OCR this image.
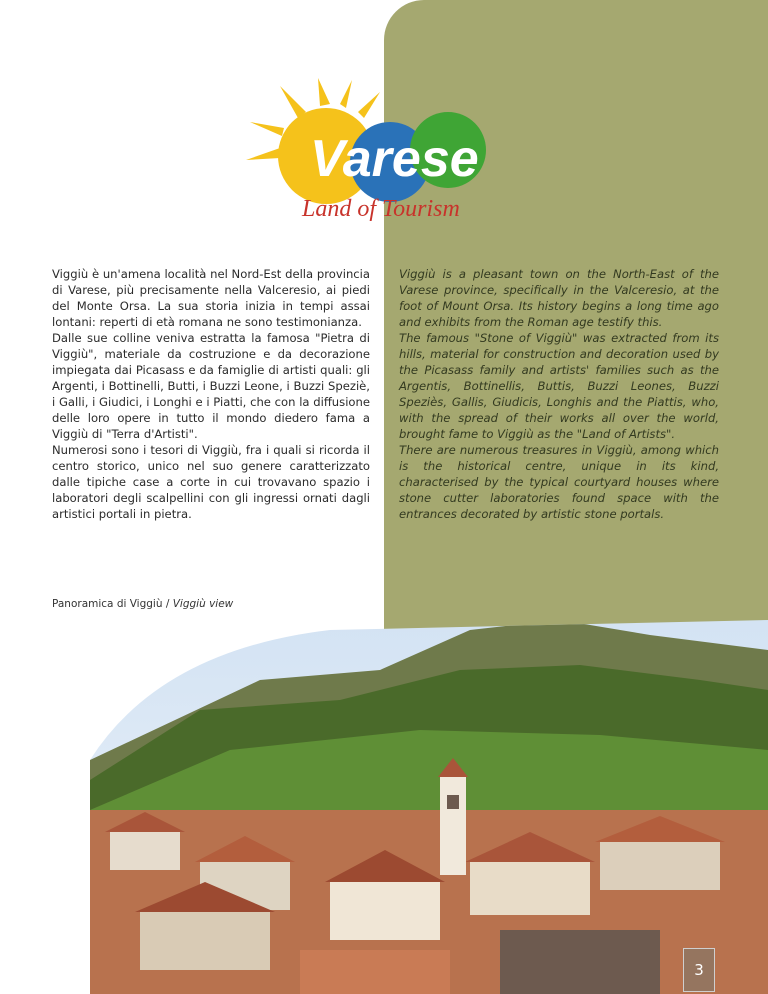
Varese
Land of Tourism

Viggiù è un'amena località nel Nord-Est della provincia di Varese, più precisamente nella Valceresio, ai piedi del Monte Orsa. La sua storia inizia in tempi assai lontani: reperti di età romana ne sono testimonianza.

Dalle sue colline veniva estratta la famosa "Pietra di Viggiù", materiale da costruzione e da decorazione impiegata dai Picasass e da famiglie di artisti quali: gli Argenti, i Bottinelli, Butti, i Buzzi Leone, i Buzzi Speziè, i Galli, i Giudici, i Longhi e i Piatti, che con la diffusione delle loro opere in tutto il mondo diedero fama a Viggiù di "Terra d'Artisti".

Numerosi sono i tesori di Viggiù, fra i quali si ricorda il centro storico, unico nel suo genere caratterizzato dalle tipiche case a corte in cui trovavano spazio i laboratori degli scalpellini con gli ingressi ornati dagli artistici portali in pietra.

Viggiù is a pleasant town on the North-East of the Varese province, specifically in the Valceresio, at the foot of Mount Orsa. Its history begins a long time ago and exhibits from the Roman age testify this.

The famous "Stone of Viggiù" was extracted from its hills, material for construction and decoration used by the Picasass family and artists' families such as the Argentis, Bottinellis, Buttis, Buzzi Leones, Buzzi Speziès, Gallis, Giudicis, Longhis and the Piattis, who, with the spread of their works all over the world, brought fame to Viggiù as the "Land of Artists".

There are numerous treasures in Viggiù, among which is the historical centre, unique in its kind, characterised by the typical courtyard houses where stone cutter laboratories found space with the entrances decorated by artistic stone portals.

Panoramica di Viggiù / Viggiù view
3
